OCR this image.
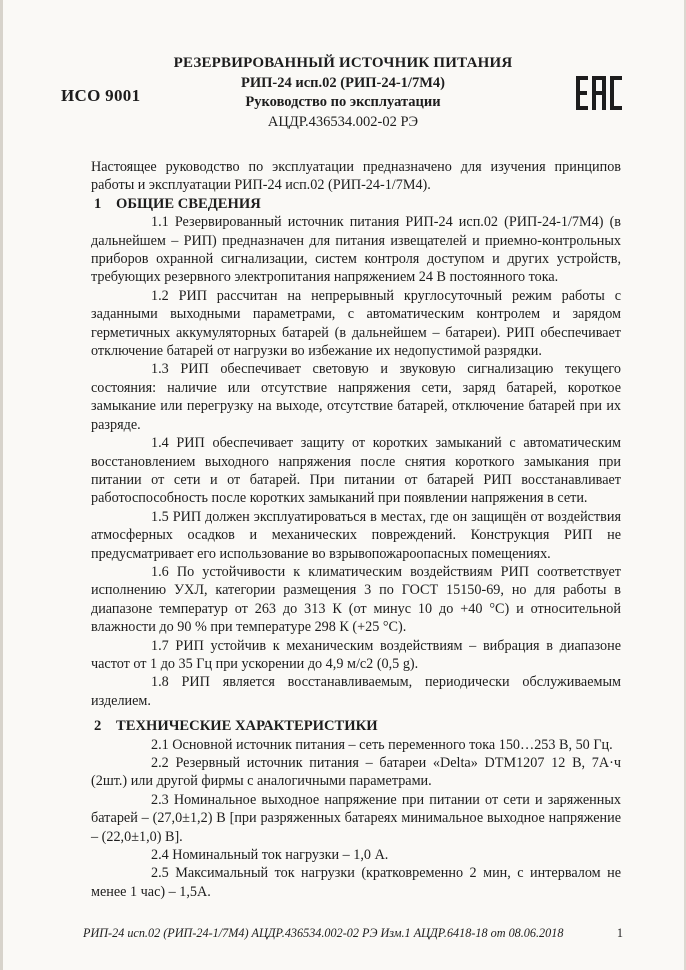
ИСО 9001
РЕЗЕРВИРОВАННЫЙ ИСТОЧНИК ПИТАНИЯ
РИП-24 исп.02 (РИП-24-1/7М4)
Руководство по эксплуатации
АЦДР.436534.002-02 РЭ

Настоящее руководство по эксплуатации предназначено для изучения принципов работы и эксплуатации РИП-24 исп.02 (РИП-24-1/7М4).

1 ОБЩИЕ СВЕДЕНИЯ

1.1 Резервированный источник питания РИП-24 исп.02 (РИП-24-1/7М4) (в дальнейшем – РИП) предназначен для питания извещателей и приемно-контрольных приборов охранной сигнализации, систем контроля доступом и других устройств, требующих резервного электропитания напряжением 24 В постоянного тока.

1.2 РИП рассчитан на непрерывный круглосуточный режим работы с заданными выходными параметрами, с автоматическим контролем и зарядом герметичных аккумуляторных батарей (в дальнейшем – батареи). РИП обеспечивает отключение батарей от нагрузки во избежание их недопустимой разрядки.

1.3 РИП обеспечивает световую и звуковую сигнализацию текущего состояния: наличие или отсутствие напряжения сети, заряд батарей, короткое замыкание или перегрузку на выходе, отсутствие батарей, отключение батарей при их разряде.

1.4 РИП обеспечивает защиту от коротких замыканий с автоматическим восстановлением выходного напряжения после снятия короткого замыкания при питании от сети и от батарей. При питании от батарей РИП восстанавливает работоспособность после коротких замыканий при появлении напряжения в сети.

1.5 РИП должен эксплуатироваться в местах, где он защищён от воздействия атмосферных осадков и механических повреждений. Конструкция РИП не предусматривает его использование во взрывопожароопасных помещениях.

1.6 По устойчивости к климатическим воздействиям РИП соответствует исполнению УХЛ, категории размещения 3 по ГОСТ 15150-69, но для работы в диапазоне температур от 263 до 313 К (от минус 10 до +40 °С) и относительной влажности до 90 % при температуре 298 К (+25 °С).

1.7 РИП устойчив к механическим воздействиям – вибрация в диапазоне частот от 1 до 35 Гц при ускорении до 4,9 м/с2 (0,5 g).

1.8 РИП является восстанавливаемым, периодически обслуживаемым изделием.

2 ТЕХНИЧЕСКИЕ ХАРАКТЕРИСТИКИ

2.1 Основной источник питания – сеть переменного тока 150…253 В, 50 Гц.

2.2 Резервный источник питания – батареи «Delta» DTM1207 12 В, 7А·ч (2шт.) или другой фирмы с аналогичными параметрами.

2.3 Номинальное выходное напряжение при питании от сети и заряженных батарей – (27,0±1,2) В [при разряженных батареях минимальное выходное напряжение – (22,0±1,0) В].

2.4 Номинальный ток нагрузки – 1,0 А.

2.5 Максимальный ток нагрузки (кратковременно 2 мин, с интервалом не менее 1 час) – 1,5А.

РИП-24 исп.02 (РИП-24-1/7М4) АЦДР.436534.002-02 РЭ Изм.1 АЦДР.6418-18 от 08.06.2018	1
